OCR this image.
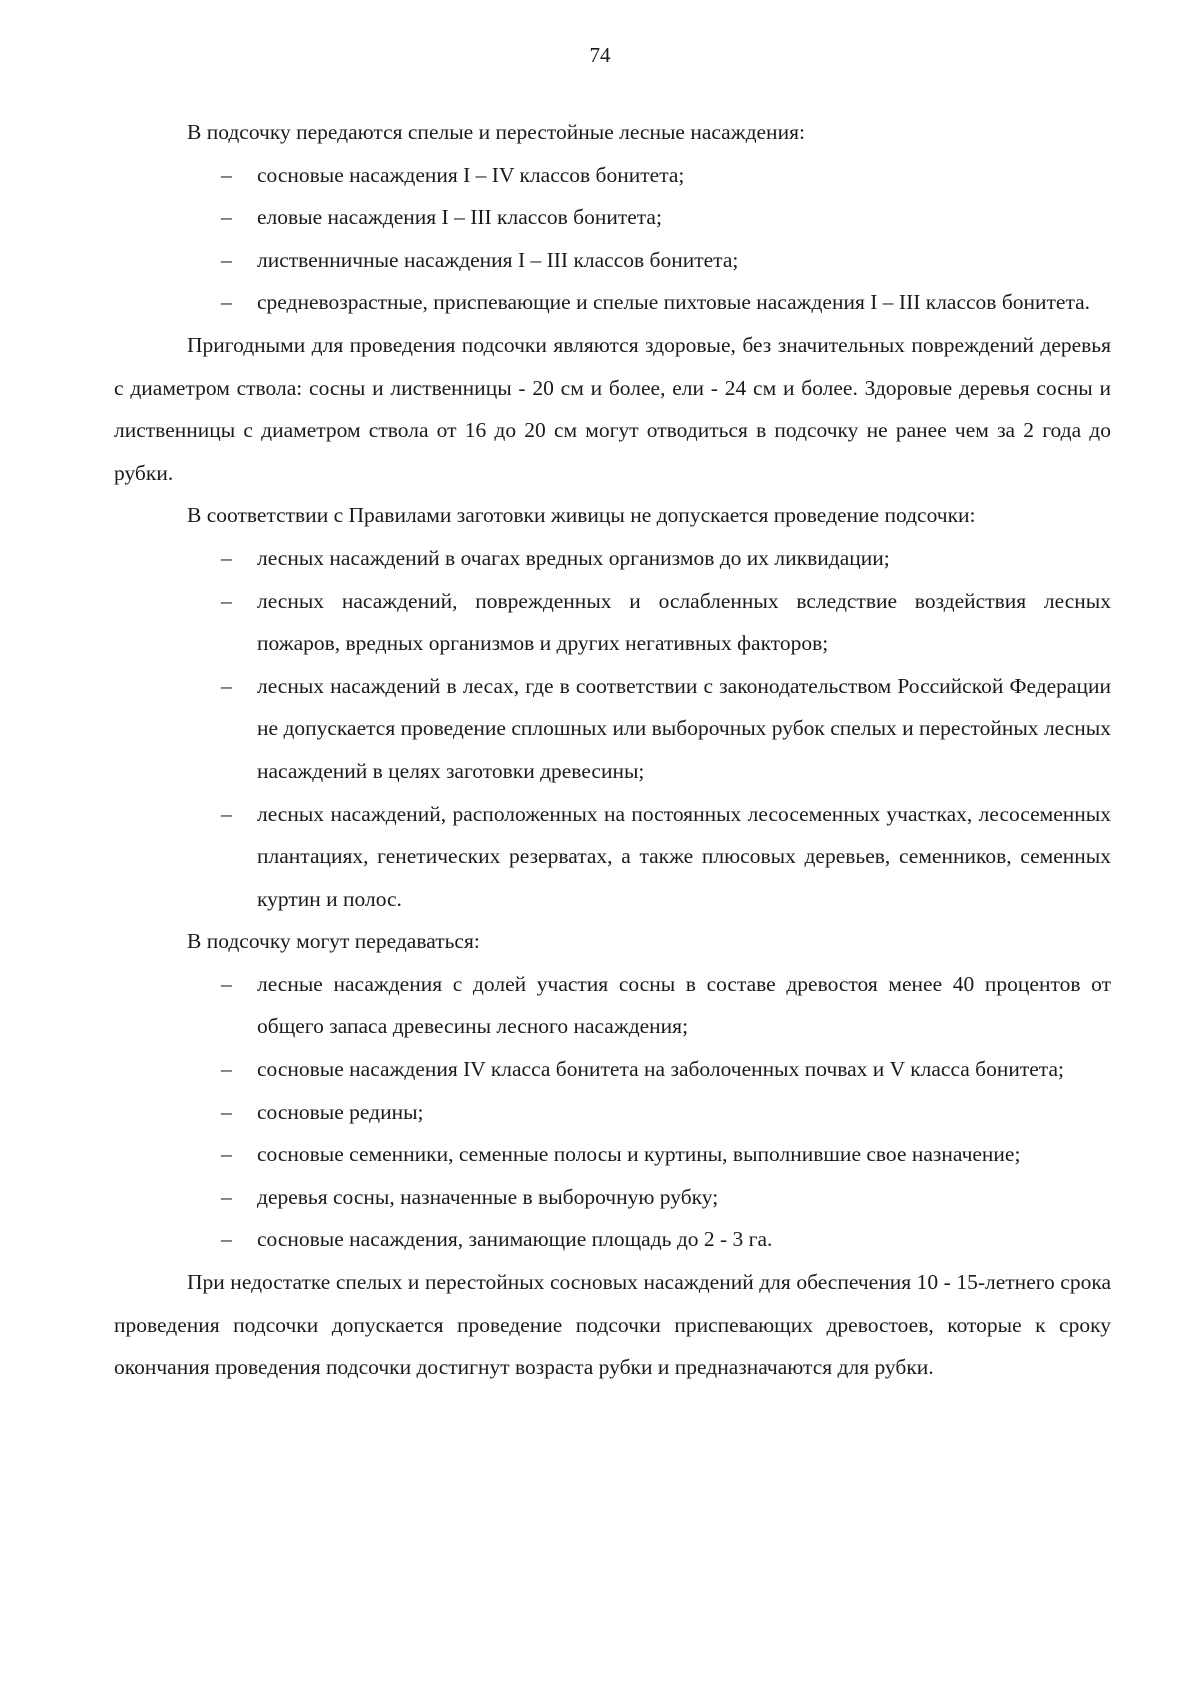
74

В подсочку передаются спелые и перестойные лесные насаждения:

– сосновые насаждения I – IV классов бонитета;
– еловые насаждения I – III классов бонитета;
– лиственничные насаждения I – III классов бонитета;
– средневозрастные, приспевающие и спелые пихтовые насаждения I – III классов бонитета.

Пригодными для проведения подсочки являются здоровые, без значительных повреждений деревья с диаметром ствола: сосны и лиственницы - 20 см и более, ели - 24 см и более. Здоровые деревья сосны и лиственницы с диаметром ствола от 16 до 20 см могут отводиться в подсочку не ранее чем за 2 года до рубки.

В соответствии с Правилами заготовки живицы не допускается проведение подсочки:

– лесных насаждений в очагах вредных организмов до их ликвидации;
– лесных насаждений, поврежденных и ослабленных вследствие воздействия лесных пожаров, вредных организмов и других негативных факторов;
– лесных насаждений в лесах, где в соответствии с законодательством Российской Федерации не допускается проведение сплошных или выборочных рубок спелых и перестойных лесных насаждений в целях заготовки древесины;
– лесных насаждений, расположенных на постоянных лесосеменных участках, лесосеменных плантациях, генетических резерватах, а также плюсовых деревьев, семенников, семенных куртин и полос.

В подсочку могут передаваться:

– лесные насаждения с долей участия сосны в составе древостоя менее 40 процентов от общего запаса древесины лесного насаждения;
– сосновые насаждения IV класса бонитета на заболоченных почвах и V класса бонитета;
– сосновые редины;
– сосновые семенники, семенные полосы и куртины, выполнившие свое назначение;
– деревья сосны, назначенные в выборочную рубку;
– сосновые насаждения, занимающие площадь до 2 - 3 га.

При недостатке спелых и перестойных сосновых насаждений для обеспечения 10 - 15-летнего срока проведения подсочки допускается проведение подсочки приспевающих древостоев, которые к сроку окончания проведения подсочки достигнут возраста рубки и предназначаются для рубки.
